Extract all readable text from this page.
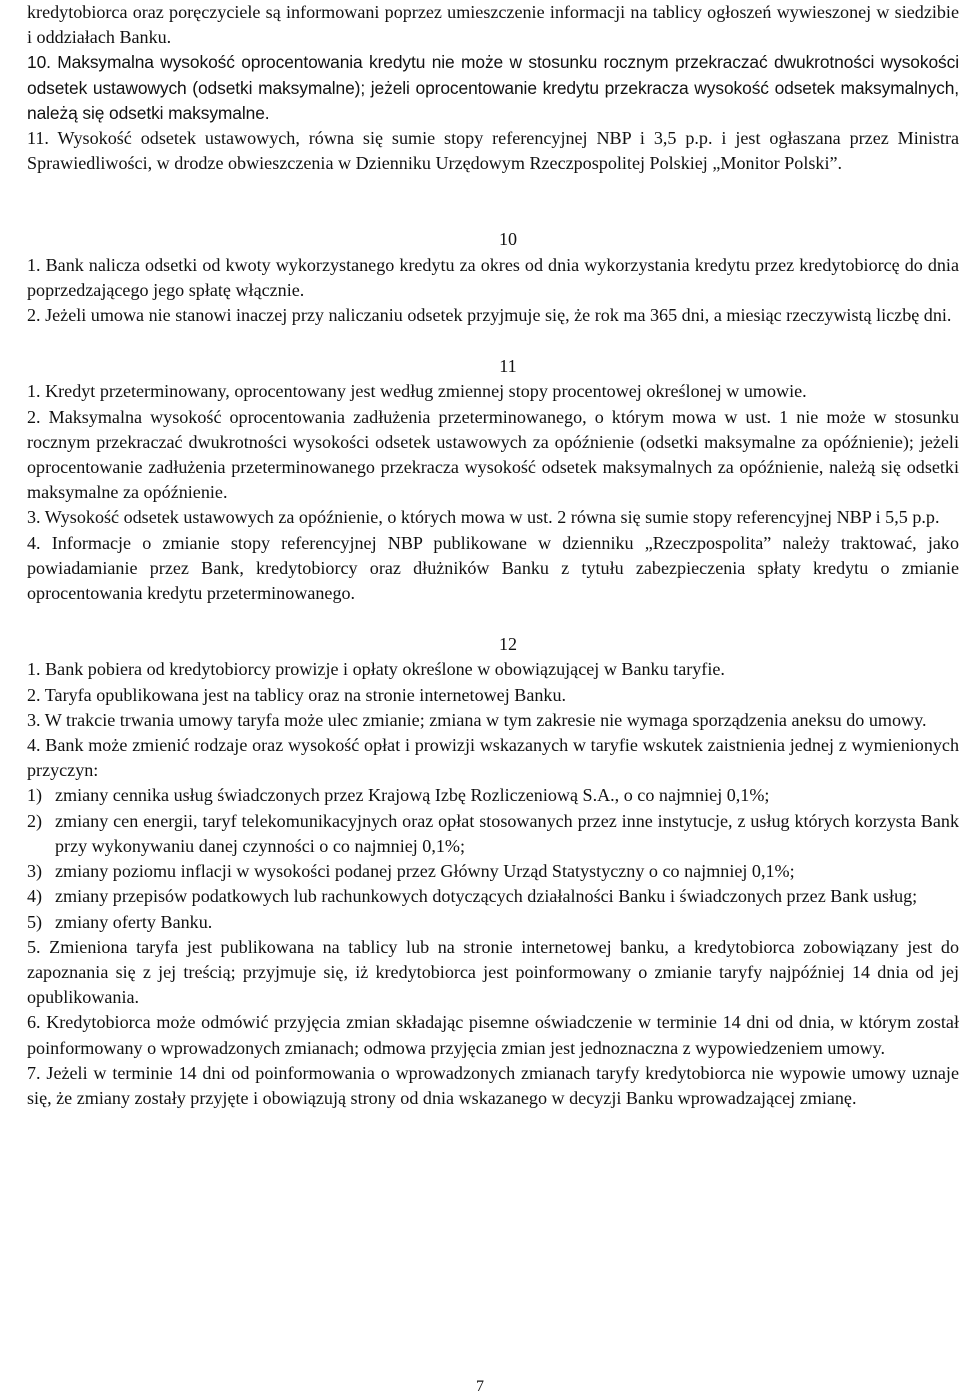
kredytobiorca oraz poręczyciele są informowani poprzez umieszczenie informacji na tablicy ogłoszeń wywieszonej w siedzibie i oddziałach Banku.

10. Maksymalna wysokość oprocentowania kredytu nie może w stosunku rocznym przekraczać dwukrotności wysokości odsetek ustawowych (odsetki maksymalne); jeżeli oprocentowanie kredytu przekracza wysokość odsetek maksymalnych, należą się odsetki maksymalne.

11. Wysokość odsetek ustawowych, równa się sumie stopy referencyjnej NBP i 3,5 p.p. i jest ogłaszana przez Ministra Sprawiedliwości, w drodze obwieszczenia w Dzienniku Urzędowym Rzeczpospolitej Polskiej „Monitor Polski”.

10

1. Bank nalicza odsetki od kwoty wykorzystanego kredytu za okres od dnia wykorzystania kredytu przez kredytobiorcę do dnia poprzedzającego jego spłatę włącznie.

2. Jeżeli umowa nie stanowi inaczej przy naliczaniu odsetek przyjmuje się, że rok ma 365 dni, a miesiąc rzeczywistą liczbę dni.

11

1. Kredyt przeterminowany, oprocentowany jest według zmiennej stopy procentowej określonej w umowie.

2. Maksymalna wysokość oprocentowania zadłużenia przeterminowanego, o którym mowa w ust. 1 nie może w stosunku rocznym przekraczać dwukrotności wysokości odsetek ustawowych za opóźnienie (odsetki maksymalne za opóźnienie); jeżeli oprocentowanie zadłużenia przeterminowanego przekracza wysokość odsetek maksymalnych za opóźnienie, należą się odsetki maksymalne za opóźnienie.

3. Wysokość odsetek ustawowych za opóźnienie, o których mowa w ust. 2 równa się sumie stopy referencyjnej NBP i 5,5 p.p.

4. Informacje o zmianie stopy referencyjnej NBP publikowane w dzienniku „Rzeczpospolita” należy traktować, jako powiadamianie przez Bank, kredytobiorcy oraz dłużników Banku z tytułu zabezpieczenia spłaty kredytu o zmianie oprocentowania kredytu przeterminowanego.

12

1. Bank pobiera od kredytobiorcy prowizje i opłaty określone w obowiązującej w Banku taryfie.

2. Taryfa opublikowana jest na tablicy oraz na stronie internetowej Banku.

3. W trakcie trwania umowy taryfa może ulec zmianie; zmiana w tym zakresie nie wymaga sporządzenia aneksu do umowy.

4. Bank może zmienić rodzaje oraz wysokość opłat i prowizji wskazanych w taryfie wskutek zaistnienia jednej z wymienionych przyczyn:

1) zmiany cennika usług świadczonych przez Krajową Izbę Rozliczeniową S.A., o co najmniej 0,1%;
2) zmiany cen energii, taryf telekomunikacyjnych oraz opłat stosowanych przez inne instytucje, z usług których korzysta Bank przy wykonywaniu danej czynności o co najmniej 0,1%;
3) zmiany poziomu inflacji w wysokości podanej przez Główny Urząd Statystyczny o co najmniej 0,1%;
4) zmiany przepisów podatkowych lub rachunkowych dotyczących działalności Banku i świadczonych przez Bank usług;
5) zmiany oferty Banku.

5. Zmieniona taryfa jest publikowana na tablicy lub na stronie internetowej banku, a kredytobiorca zobowiązany jest do zapoznania się z jej treścią; przyjmuje się, iż kredytobiorca jest poinformowany o zmianie taryfy najpóźniej 14 dnia od jej opublikowania.

6. Kredytobiorca może odmówić przyjęcia zmian składając pisemne oświadczenie w terminie 14 dni od dnia, w którym został poinformowany o wprowadzonych zmianach; odmowa przyjęcia zmian jest jednoznaczna z wypowiedzeniem umowy.

7. Jeżeli w terminie 14 dni od poinformowania o wprowadzonych zmianach taryfy kredytobiorca nie wypowie umowy uznaje się, że zmiany zostały przyjęte i obowiązują strony od dnia wskazanego w decyzji Banku wprowadzającej zmianę.

7
